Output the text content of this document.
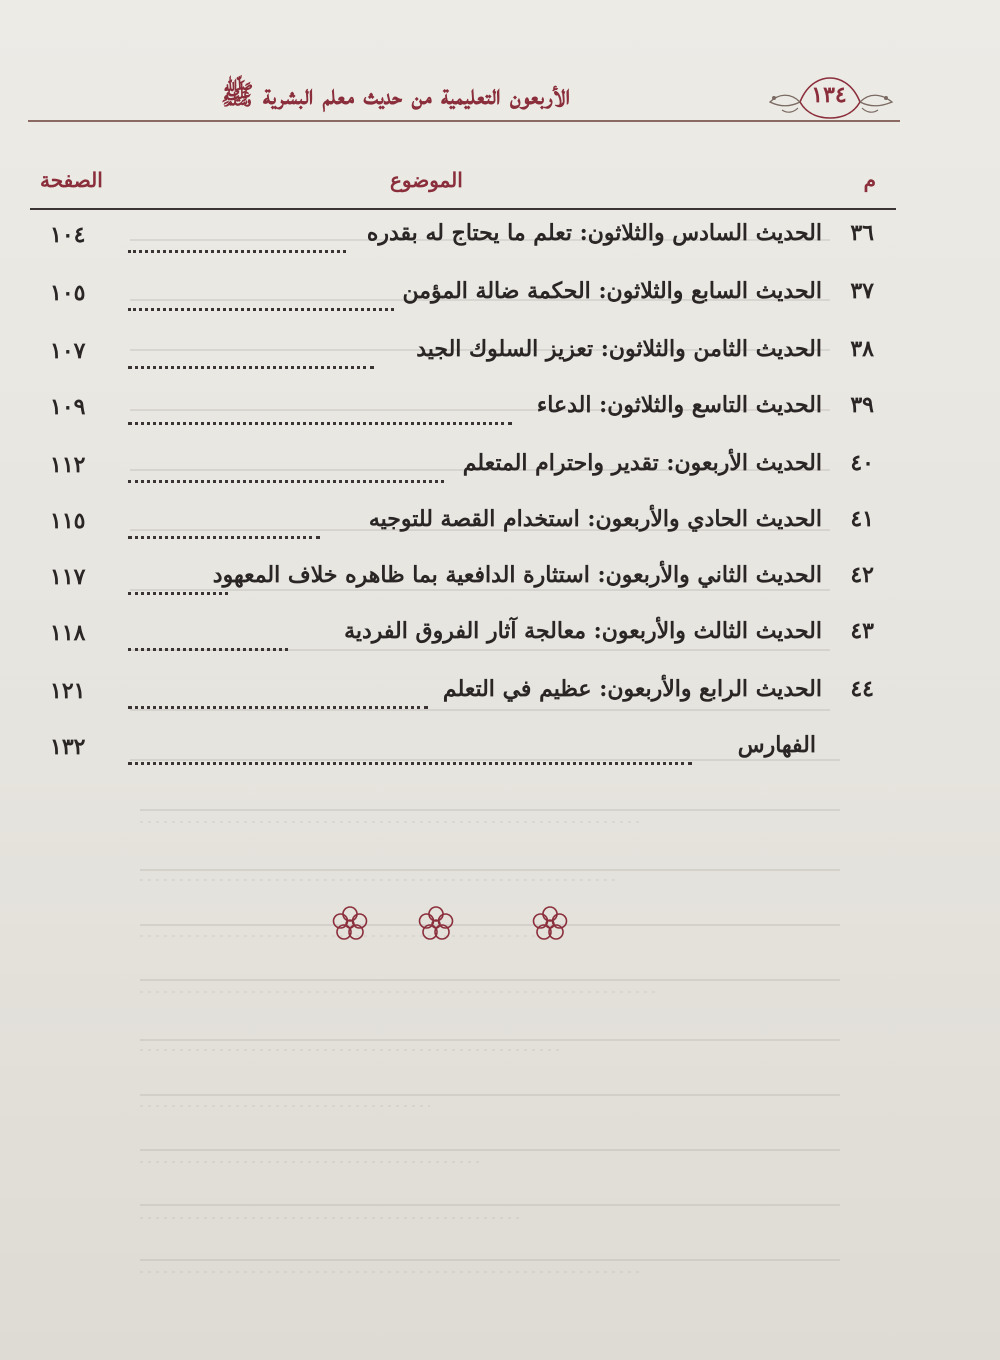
الأربعون التعليمية من حديث معلم البشرية ﷺ	١٣٤
م
الموضوع
الصفحة
٣٦
الحديث السادس والثلاثون: تعلم ما يحتاج له بقدره
١٠٤
٣٧
الحديث السابع والثلاثون: الحكمة ضالة المؤمن
١٠٥
٣٨
الحديث الثامن والثلاثون: تعزيز السلوك الجيد
١٠٧
٣٩
الحديث التاسع والثلاثون: الدعاء
١٠٩
٤٠
الحديث الأربعون: تقدير واحترام المتعلم
١١٢
٤١
الحديث الحادي والأربعون: استخدام القصة للتوجيه
١١٥
٤٢
الحديث الثاني والأربعون: استثارة الدافعية بما ظاهره خلاف المعهود
١١٧
٤٣
الحديث الثالث والأربعون: معالجة آثار الفروق الفردية
١١٨
٤٤
الحديث الرابع والأربعون: عظيم في التعلم
١٢١
الفهارس
١٣٢
